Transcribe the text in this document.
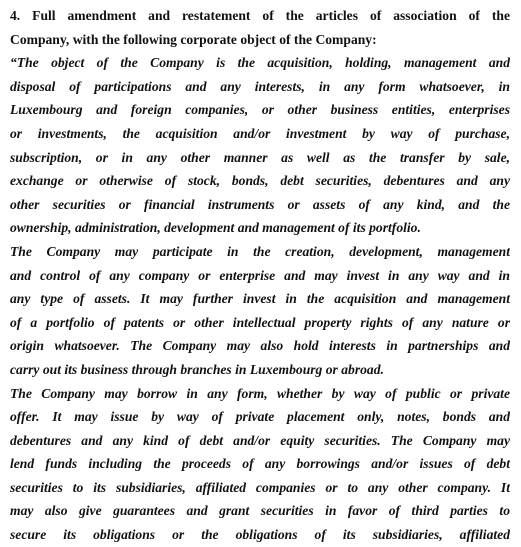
4. Full amendment and restatement of the articles of association of the
Company, with the following corporate object of the Company:
“The object of the Company is the acquisition, holding, management and
disposal of participations and any interests, in any form whatsoever, in
Luxembourg and foreign companies, or other business entities, enterprises
or investments, the acquisition and/or investment by way of purchase,
subscription, or in any other manner as well as the transfer by sale,
exchange or otherwise of stock, bonds, debt securities, debentures and any
other securities or financial instruments or assets of any kind, and the
ownership, administration, development and management of its portfolio.
The Company may participate in the creation, development, management
and control of any company or enterprise and may invest in any way and in
any type of assets. It may further invest in the acquisition and management
of a portfolio of patents or other intellectual property rights of any nature or
origin whatsoever. The Company may also hold interests in partnerships and
carry out its business through branches in Luxembourg or abroad.
The Company may borrow in any form, whether by way of public or private
offer. It may issue by way of private placement only, notes, bonds and
debentures and any kind of debt and/or equity securities. The Company may
lend funds including the proceeds of any borrowings and/or issues of debt
securities to its subsidiaries, affiliated companies or to any other company. It
may also give guarantees and grant securities in favor of third parties to
secure its obligations or the obligations of its subsidiaries, affiliated
